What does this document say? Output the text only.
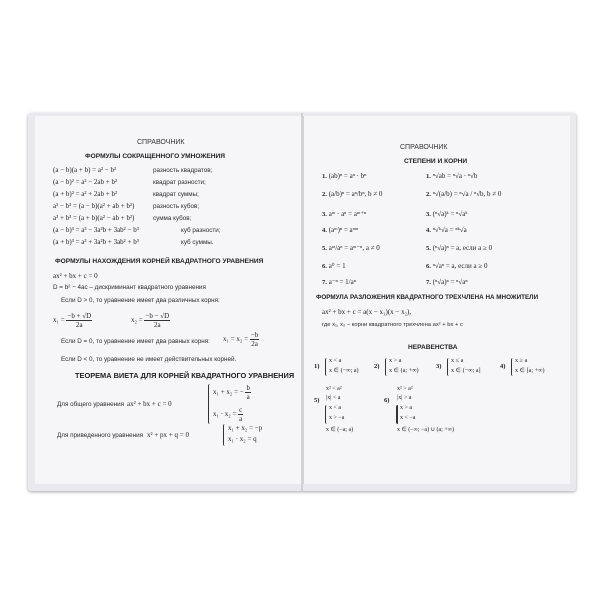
СПРАВОЧНИК
ФОРМУЛЫ СОКРАЩЕННОГО УМНОЖЕНИЯ
(a − b)(a + b) = a² − b²	разность квадратов;
(a − b)² = a² − 2ab + b²	квадрат разности;
(a + b)² = a² + 2ab + b²	квадрат суммы;
a³ − b³ = (a − b)(a² + ab + b²)	разность кубов;
a³ + b³ = (a + b)(a² − ab + b²)	сумма кубов;
(a − b)³ = a³ − 3a²b + 3ab² − b³	куб разности;
(a + b)³ = a³ + 3a²b + 3ab² + b³	куб суммы.
ФОРМУЛЫ НАХОЖДЕНИЯ КОРНЕЙ КВАДРАТНОГО УРАВНЕНИЯ
ax² + bx + c = 0
D = b² − 4ac – дискриминант квадратного уравнения
Если D > 0, то уравнение имеет два различных корня:
$x_1 = \frac{-b + √D}{2a}$	$x_2 = \frac{-b - √D}{2a}$
Если D = 0, то уравнение имеет два равных корня: $x_1 = x_2 = \frac{-b}{2a}$
Если D < 0, то уравнение не имеет действительных корней.
ТЕОРЕМА ВИЕТА ДЛЯ КОРНЕЙ КВАДРАТНОГО УРАВНЕНИЯ
Для общего уравнения ax² + bx + c = 0
x₁ + x₂ = − $\frac{b}{a}$
$x_1 \cdot x_2 = \frac{c}{a}$
Для приведенного уравнения x² + px + q = 0
x₁ + x₂ = −p
x₁ · x₂ = q
СПРАВОЧНИК
СТЕПЕНИ И КОРНИ
1. (ab)ⁿ = aⁿ · bⁿ
2. (a/b)ⁿ = aⁿ/bⁿ, b ≠ 0
3. aᵐ · aⁿ = aᵐ⁺ⁿ
4. (aᵐ)ⁿ = aᵐⁿ
5. aᵐ/aⁿ = aᵐ⁻ⁿ, a ≠ 0
6. a⁰ = 1
7. a⁻ⁿ = 1/aⁿ
1. ⁿ√ab = ⁿ√a · ⁿ√b
2. ⁿ√(a/b) = ⁿ√a / ⁿ√b, b ≠ 0
3. (ⁿ√a)ᵏ = ⁿ√aᵏ
4. ⁿ√ᵏ√a = ⁿᵏ√a
5. (ⁿ√a)ⁿ = a, если a ≥ 0
6. ⁿ√aⁿ = a, если a ≥ 0
7. (ⁿ√a)ⁿ = ⁿ√aⁿ
ФОРМУЛА РАЗЛОЖЕНИЯ КВАДРАТНОГО ТРЕХЧЛЕНА НА МНОЖИТЕЛИ
ax² + bx + c = a(x − x₁)(x − x₂),
где x₁, x₂ – корни квадратного трехчлена ax² + bx + c
НЕРАВЕНСТВА
1)
x < a
x ∈ (−∞; a)
2)
x > a
x ∈ (a; +∞)
3)
x ≤ a
x ∈ (−∞; a]
4)
x ≥ a
x ∈ [a; +∞)
5)
x² < a²
|x| < a
x < a
x > −a
x ∈ (−a; a)
6)
x² > a²
|x| > a
x > a
x < −a
x ∈ (−∞; −a) ∪ (a; +∞)
